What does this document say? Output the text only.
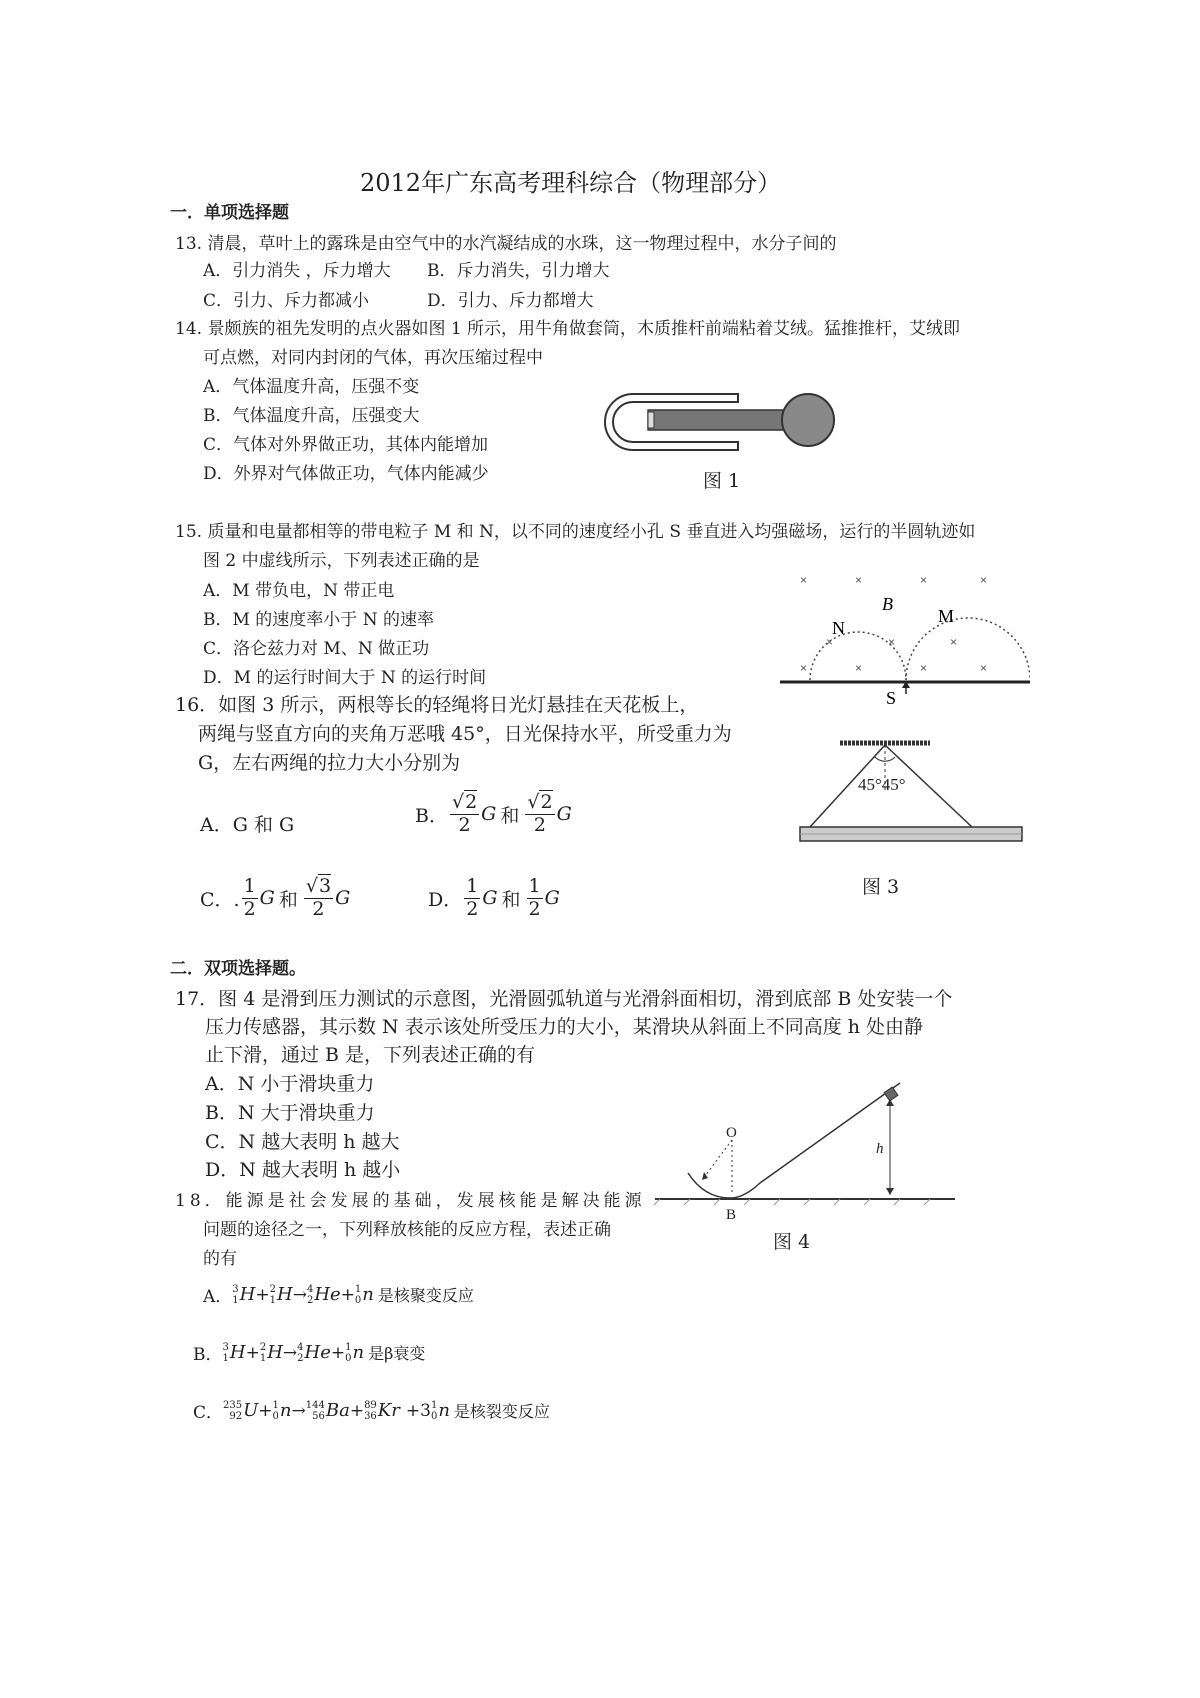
2012年广东高考理科综合（物理部分）
一．单项选择题
13. 清晨，草叶上的露珠是由空气中的水汽凝结成的水珠，这一物理过程中，水分子间的
A．引力消失 ，斥力增大 B．斥力消失，引力增大
C．引力、斥力都减小	D．引力、斥力都增大
14. 景颇族的祖先发明的点火器如图 1 所示，用牛角做套筒，木质推杆前端粘着艾绒。猛推推杆，艾绒即
可点燃，对同内封闭的气体，再次压缩过程中
A．气体温度升高，压强不变
B．气体温度升高，压强变大
C．气体对外界做正功，其体内能增加
D．外界对气体做正功，气体内能减少	图 1
15. 质量和电量都相等的带电粒子 M 和 N，以不同的速度经小孔 S 垂直进入均强磁场，运行的半圆轨迹如
图 2 中虚线所示，下列表述正确的是
A．M 带负电，N 带正电
B．M 的速度率小于 N 的速率
C．洛仑兹力对 M、N 做正功
D．M 的运行时间大于 N 的运行时间
×	×	×	×
×	×	×	×
×	×	×
N
B
M
S
16．如图 3 所示，两根等长的轻绳将日光灯悬挂在天花板上，
两绳与竖直方向的夹角万恶哦 45°，日光保持水平，所受重力为
G，左右两绳的拉力大小分别为
A．G 和 G	B． $\frac{√2}{2}$ G 和 $\frac{√2}{2}$ G
C．. $\frac{1}{2}$ G 和 $\frac{√3}{2}$ G	D． $\frac{1}{2}$ G 和 $\frac{1}{2}$ G
45°45°
图 3
二．双项选择题。
17．图 4 是滑到压力测试的示意图，光滑圆弧轨道与光滑斜面相切，滑到底部 B 处安装一个
压力传感器，其示数 N 表示该处所受压力的大小，某滑块从斜面上不同高度 h 处由静
止下滑，通过 B 是，下列表述正确的有
A．N 小于滑块重力
B．N 大于滑块重力
C．N 越大表明 h 越大
D．N 越大表明 h 越小
O
h
B
图 4
18．能源是社会发展的基础，发展核能是解决能源
问题的途径之一，下列释放核能的反应方程，表述正确
的有
A． 3
1 H + 2
1 H → 4
2 He + 1
0 n 是核聚变反应
B． 3
1 H + 2
1 H → 4
2 He + 1
0 n 是β衰变
C． 235
92 U + 1
0 n → 144
56 Ba + 89
36 Kr + 3 1
0 n 是核裂变反应
